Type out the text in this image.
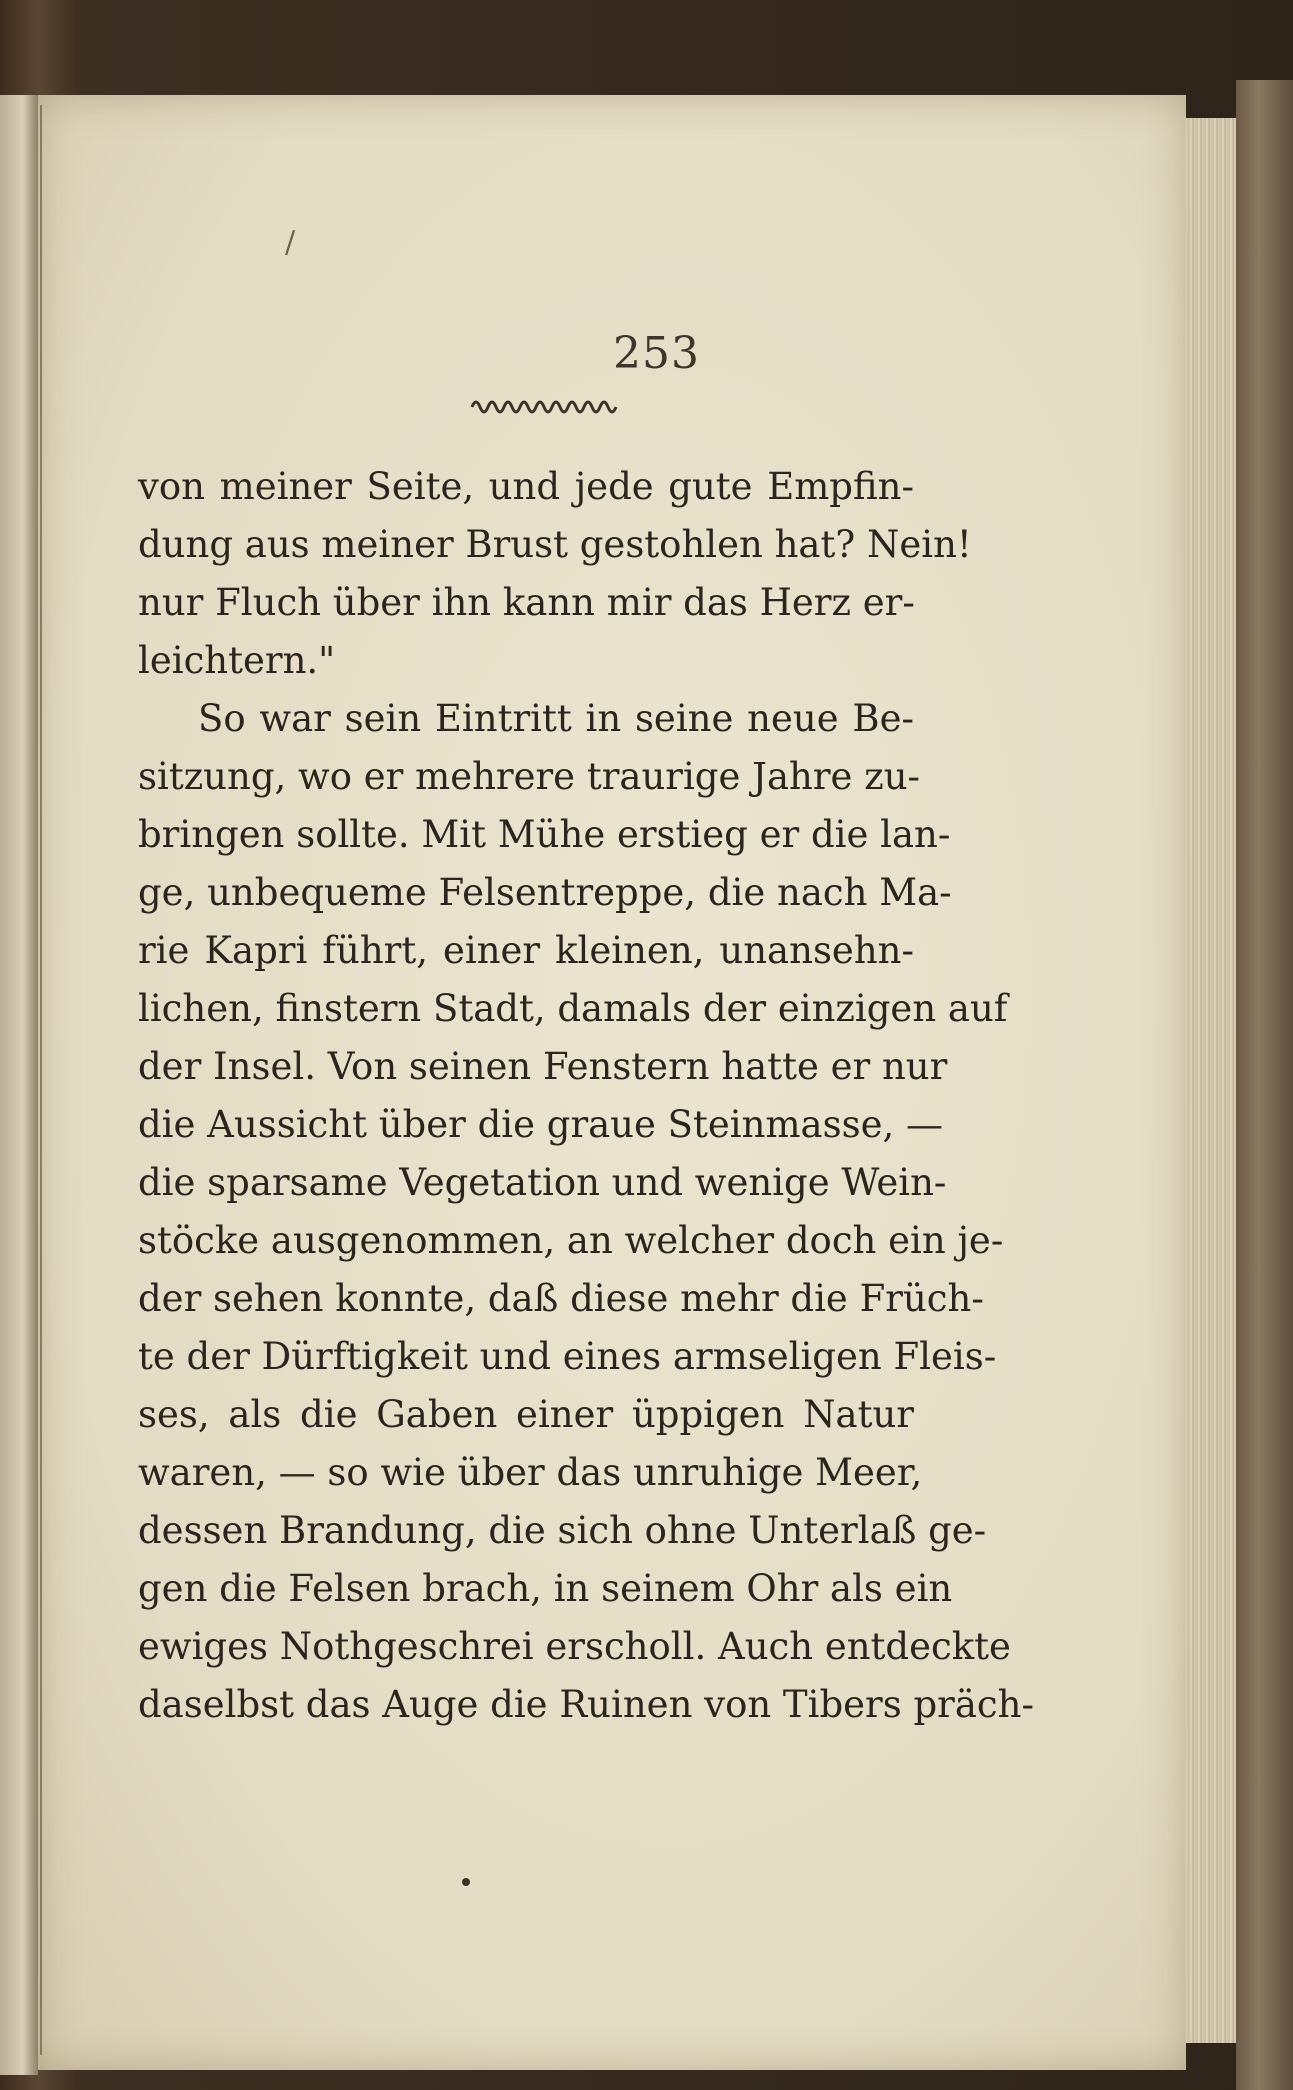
/
253
von meiner Seite, und jede gute Empfin-
dung aus meiner Brust gestohlen hat? Nein!
nur Fluch über ihn kann mir das Herz er-
leichtern."
So war sein Eintritt in seine neue Be-
sitzung, wo er mehrere traurige Jahre zu-
bringen sollte. Mit Mühe erstieg er die lan-
ge, unbequeme Felsentreppe, die nach Ma-
rie Kapri führt, einer kleinen, unansehn-
lichen, finstern Stadt, damals der einzigen auf
der Insel. Von seinen Fenstern hatte er nur
die Aussicht über die graue Steinmasse, —
die sparsame Vegetation und wenige Wein-
stöcke ausgenommen, an welcher doch ein je-
der sehen konnte, daß diese mehr die Früch-
te der Dürftigkeit und eines armseligen Fleis-
ses, als die Gaben einer üppigen Natur
waren, — so wie über das unruhige Meer,
dessen Brandung, die sich ohne Unterlaß ge-
gen die Felsen brach, in seinem Ohr als ein
ewiges Nothgeschrei erscholl. Auch entdeckte
daselbst das Auge die Ruinen von Tibers präch-
